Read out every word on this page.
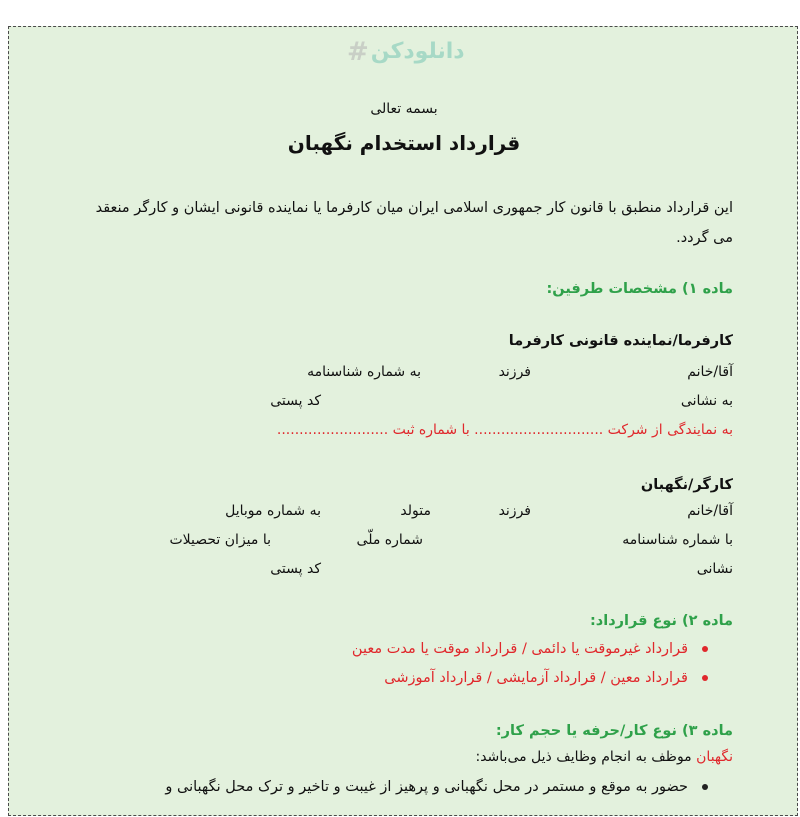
# دانلودکن

بسمه تعالی

قرارداد استخدام نگهبان

این قرارداد منطبق با قانون کار جمهوری اسلامی ایران میان کارفرما یا نماینده قانونی ایشان و کارگر منعقد می گردد.

ماده ۱) مشخصات طرفین:

کارفرما/نماینده قانونی کارفرما

آقا/خانم
فرزند
به شماره شناسنامه
به نشانی
کد پستی
به نمایندگی از شرکت ............................. با شماره ثبت .........................

کارگر/نگهبان

آقا/خانم
فرزند
متولد
به شماره موبایل
با شماره شناسنامه
شماره ملّی
با میزان تحصیلات
نشانی
کد پستی

ماده ۲) نوع قرارداد:

قرارداد غیرموقت یا دائمی / قرارداد موقت یا مدت معین
قرارداد معین / قرارداد آزمایشی / قرارداد آموزشی

ماده ۳) نوع کار/حرفه یا حجم کار:

نگهبان موظف به انجام وظایف ذیل می‌باشد:

حضور به موقع و مستمر در محل نگهبانی و پرهیز از غیبت و تاخیر و ترک محل نگهبانی و
